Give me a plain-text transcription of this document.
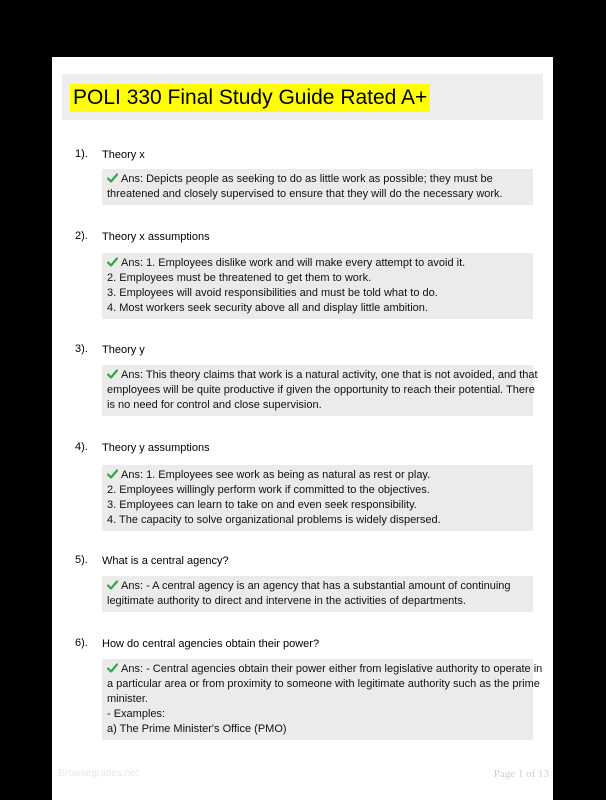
POLI 330 Final Study Guide Rated A+
1). Theory x
Ans: Depicts people as seeking to do as little work as possible; they must be
threatened and closely supervised to ensure that they will do the necessary work.
2). Theory x assumptions
Ans: 1. Employees dislike work and will make every attempt to avoid it.
2. Employees must be threatened to get them to work.
3. Employees will avoid responsibilities and must be told what to do.
4. Most workers seek security above all and display little ambition.
3). Theory y
Ans: This theory claims that work is a natural activity, one that is not avoided, and that
employees will be quite productive if given the opportunity to reach their potential. There
is no need for control and close supervision.
4). Theory y assumptions
Ans: 1. Employees see work as being as natural as rest or play.
2. Employees willingly perform work if committed to the objectives.
3. Employees can learn to take on and even seek responsibility.
4. The capacity to solve organizational problems is widely dispersed.
5). What is a central agency?
Ans: - A central agency is an agency that has a substantial amount of continuing
legitimate authority to direct and intervene in the activities of departments.
6). How do central agencies obtain their power?
Ans: - Central agencies obtain their power either from legislative authority to operate in
a particular area or from proximity to someone with legitimate authority such as the prime
minister.
- Examples:
a) The Prime Minister's Office (PMO)
Browsegrades.net	Page 1 of 13
